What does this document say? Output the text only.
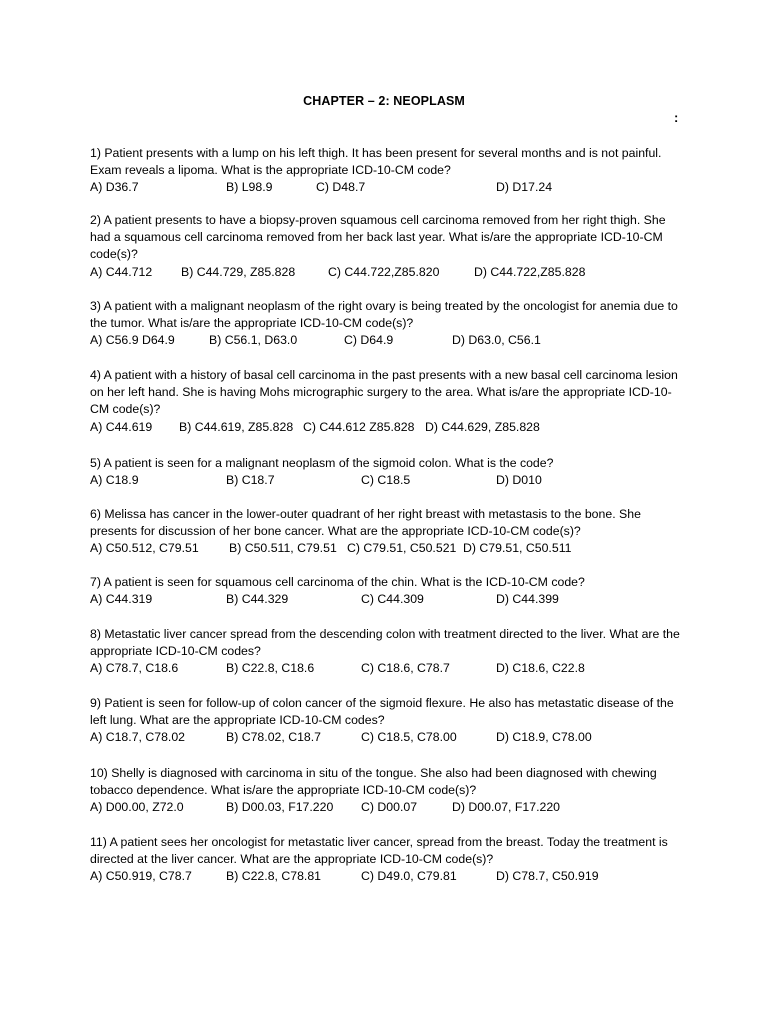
CHAPTER – 2: NEOPLASM
:
1) Patient presents with a lump on his left thigh. It has been present for several months and is not painful. Exam reveals a lipoma. What is the appropriate ICD-10-CM code?
A) D36.7	B) L98.9	C) D48.7	D) D17.24
2) A patient presents to have a biopsy-proven squamous cell carcinoma removed from her right thigh. She had a squamous cell carcinoma removed from her back last year. What is/are the appropriate ICD-10-CM code(s)?
A) C44.712 B) C44.729, Z85.828	C) C44.722,Z85.820	D) C44.722,Z85.828
3) A patient with a malignant neoplasm of the right ovary is being treated by the oncologist for anemia due to the tumor. What is/are the appropriate ICD-10-CM code(s)?
A) C56.9 D64.9	B) C56.1, D63.0	C) D64.9	D) D63.0, C56.1
4) A patient with a history of basal cell carcinoma in the past presents with a new basal cell carcinoma lesion on her left hand. She is having Mohs micrographic surgery to the area. What is/are the appropriate ICD-10-CM code(s)?
A) C44.619 B) C44.619, Z85.828 C) C44.612 Z85.828 D) C44.629, Z85.828
5) A patient is seen for a malignant neoplasm of the sigmoid colon. What is the code?
A) C18.9	B) C18.7	C) C18.5	D) D010
6) Melissa has cancer in the lower-outer quadrant of her right breast with metastasis to the bone. She presents for discussion of her bone cancer. What are the appropriate ICD-10-CM code(s)?
A) C50.512, C79.51 B) C50.511, C79.51 C) C79.51, C50.521 D) C79.51, C50.511
7) A patient is seen for squamous cell carcinoma of the chin. What is the ICD-10-CM code?
A) C44.319	B) C44.329	C) C44.309	D) C44.399
8) Metastatic liver cancer spread from the descending colon with treatment directed to the liver. What are the appropriate ICD-10-CM codes?
A) C78.7, C18.6	B) C22.8, C18.6	C) C18.6, C78.7	D) C18.6, C22.8
9) Patient is seen for follow-up of colon cancer of the sigmoid flexure. He also has metastatic disease of the left lung. What are the appropriate ICD-10-CM codes?
A) C18.7, C78.02	B) C78.02, C18.7	C) C18.5, C78.00	D) C18.9, C78.00
10) Shelly is diagnosed with carcinoma in situ of the tongue. She also had been diagnosed with chewing tobacco dependence. What is/are the appropriate ICD-10-CM code(s)?
A) D00.00, Z72.0	B) D00.03, F17.220 C) D00.07	D) D00.07, F17.220
11) A patient sees her oncologist for metastatic liver cancer, spread from the breast. Today the treatment is directed at the liver cancer. What are the appropriate ICD-10-CM code(s)?
A) C50.919, C78.7	B) C22.8, C78.81	C) D49.0, C79.81	D) C78.7, C50.919
